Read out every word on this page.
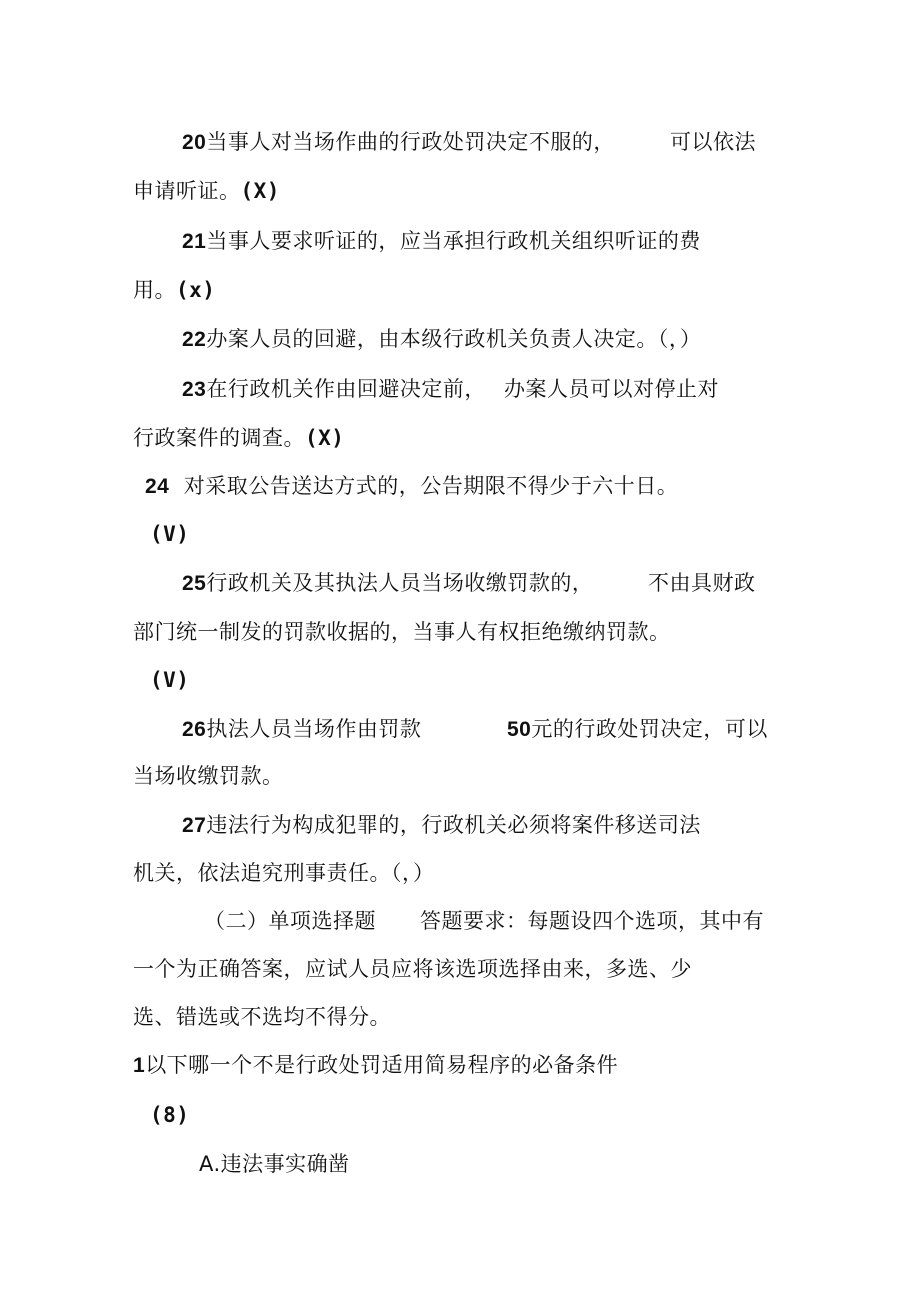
20当事人对当场作曲的行政处罚决定不服的，	可以依法
申请听证。(X)
21当事人要求听证的，应当承担行政机关组织听证的费
用。(x)
22办案人员的回避，由本级行政机关负责人决定。（，）
23在行政机关作由回避决定前， 办案人员可以对停止对
行政案件的调查。(X)
24 对采取公告送达方式的，公告期限不得少于六十日。
(V)
25行政机关及其执法人员当场收缴罚款的，	不由具财政
部门统一制发的罚款收据的，当事人有权拒绝缴纳罚款。
(V)
26执法人员当场作由罚款	50元的行政处罚决定，可以
当场收缴罚款。
27违法行为构成犯罪的，行政机关必须将案件移送司法
机关，依法追究刑事责任。（，）
（二）单项选择题 答题要求：每题设四个选项，其中有
一个为正确答案，应试人员应将该选项选择由来，多选、少
选、错选或不选均不得分。
1以下哪一个不是行政处罚适用简易程序的必备条件
(8)
A.违法事实确凿
